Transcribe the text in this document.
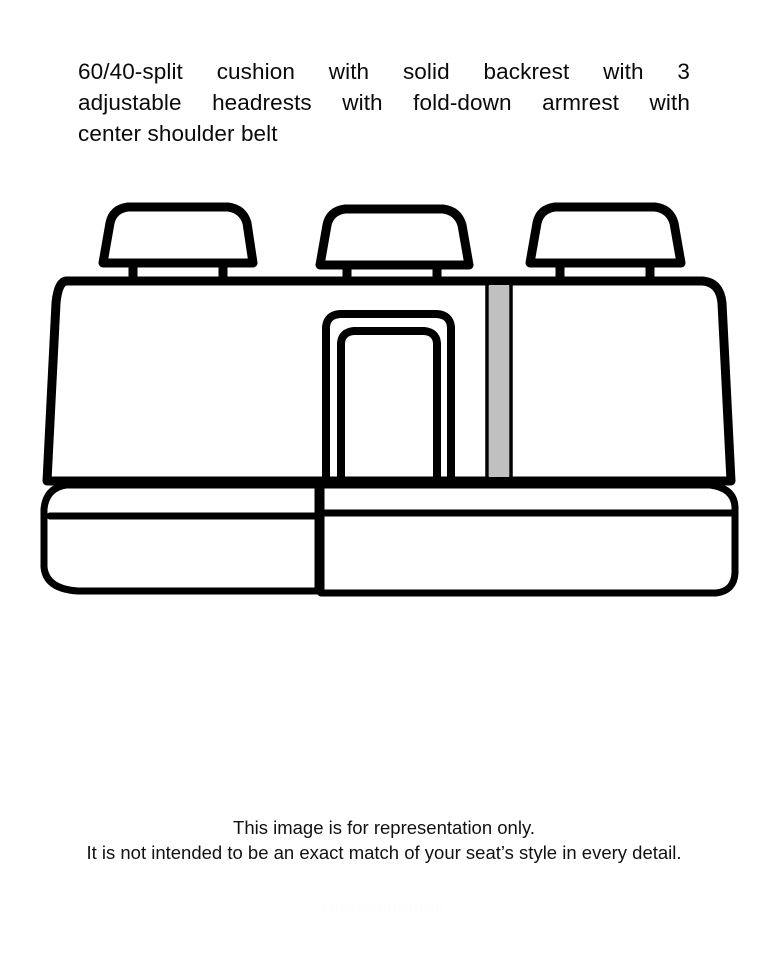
60/40-split cushion with solid backrest with 3
adjustable headrests with fold-down armrest with
center shoulder belt
This image is for representation only.
It is not intended to be an exact match of your seat’s style in every detail.
representation
